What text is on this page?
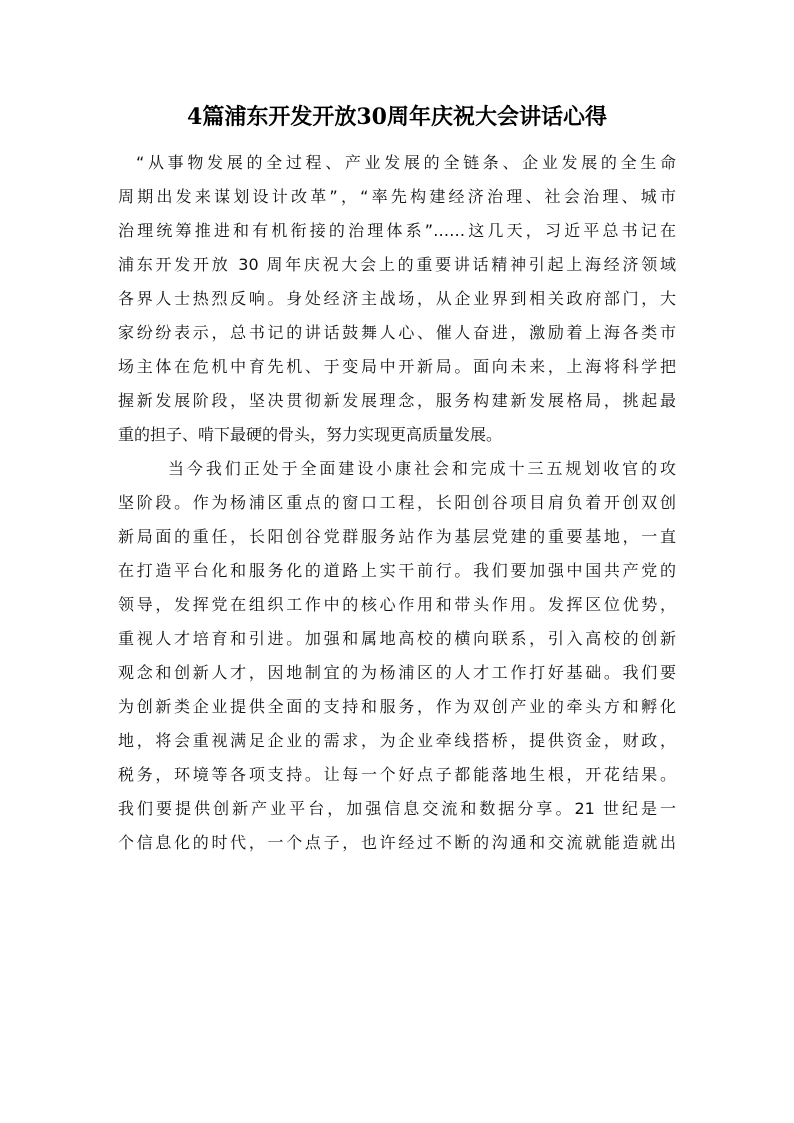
4篇浦东开发开放30周年庆祝大会讲话心得

“从事物发展的全过程、产业发展的全链条、企业发展的全生命
周期出发来谋划设计改革”，“率先构建经济治理、社会治理、城市
治理统筹推进和有机衔接的治理体系”……这几天，习近平总书记在
浦东开发开放 30 周年庆祝大会上的重要讲话精神引起上海经济领域
各界人士热烈反响。身处经济主战场，从企业界到相关政府部门，大
家纷纷表示，总书记的讲话鼓舞人心、催人奋进，激励着上海各类市
场主体在危机中育先机、于变局中开新局。面向未来，上海将科学把
握新发展阶段，坚决贯彻新发展理念，服务构建新发展格局，挑起最
重的担子、啃下最硬的骨头，努力实现更高质量发展。

当今我们正处于全面建设小康社会和完成十三五规划收官的攻
坚阶段。作为杨浦区重点的窗口工程，长阳创谷项目肩负着开创双创
新局面的重任，长阳创谷党群服务站作为基层党建的重要基地，一直
在打造平台化和服务化的道路上实干前行。我们要加强中国共产党的
领导，发挥党在组织工作中的核心作用和带头作用。发挥区位优势，
重视人才培育和引进。加强和属地高校的横向联系，引入高校的创新
观念和创新人才，因地制宜的为杨浦区的人才工作打好基础。我们要
为创新类企业提供全面的支持和服务，作为双创产业的牵头方和孵化
地，将会重视满足企业的需求，为企业牵线搭桥，提供资金，财政，
税务，环境等各项支持。让每一个好点子都能落地生根，开花结果。
我们要提供创新产业平台，加强信息交流和数据分享。21 世纪是一
个信息化的时代，一个点子，也许经过不断的沟通和交流就能造就出
